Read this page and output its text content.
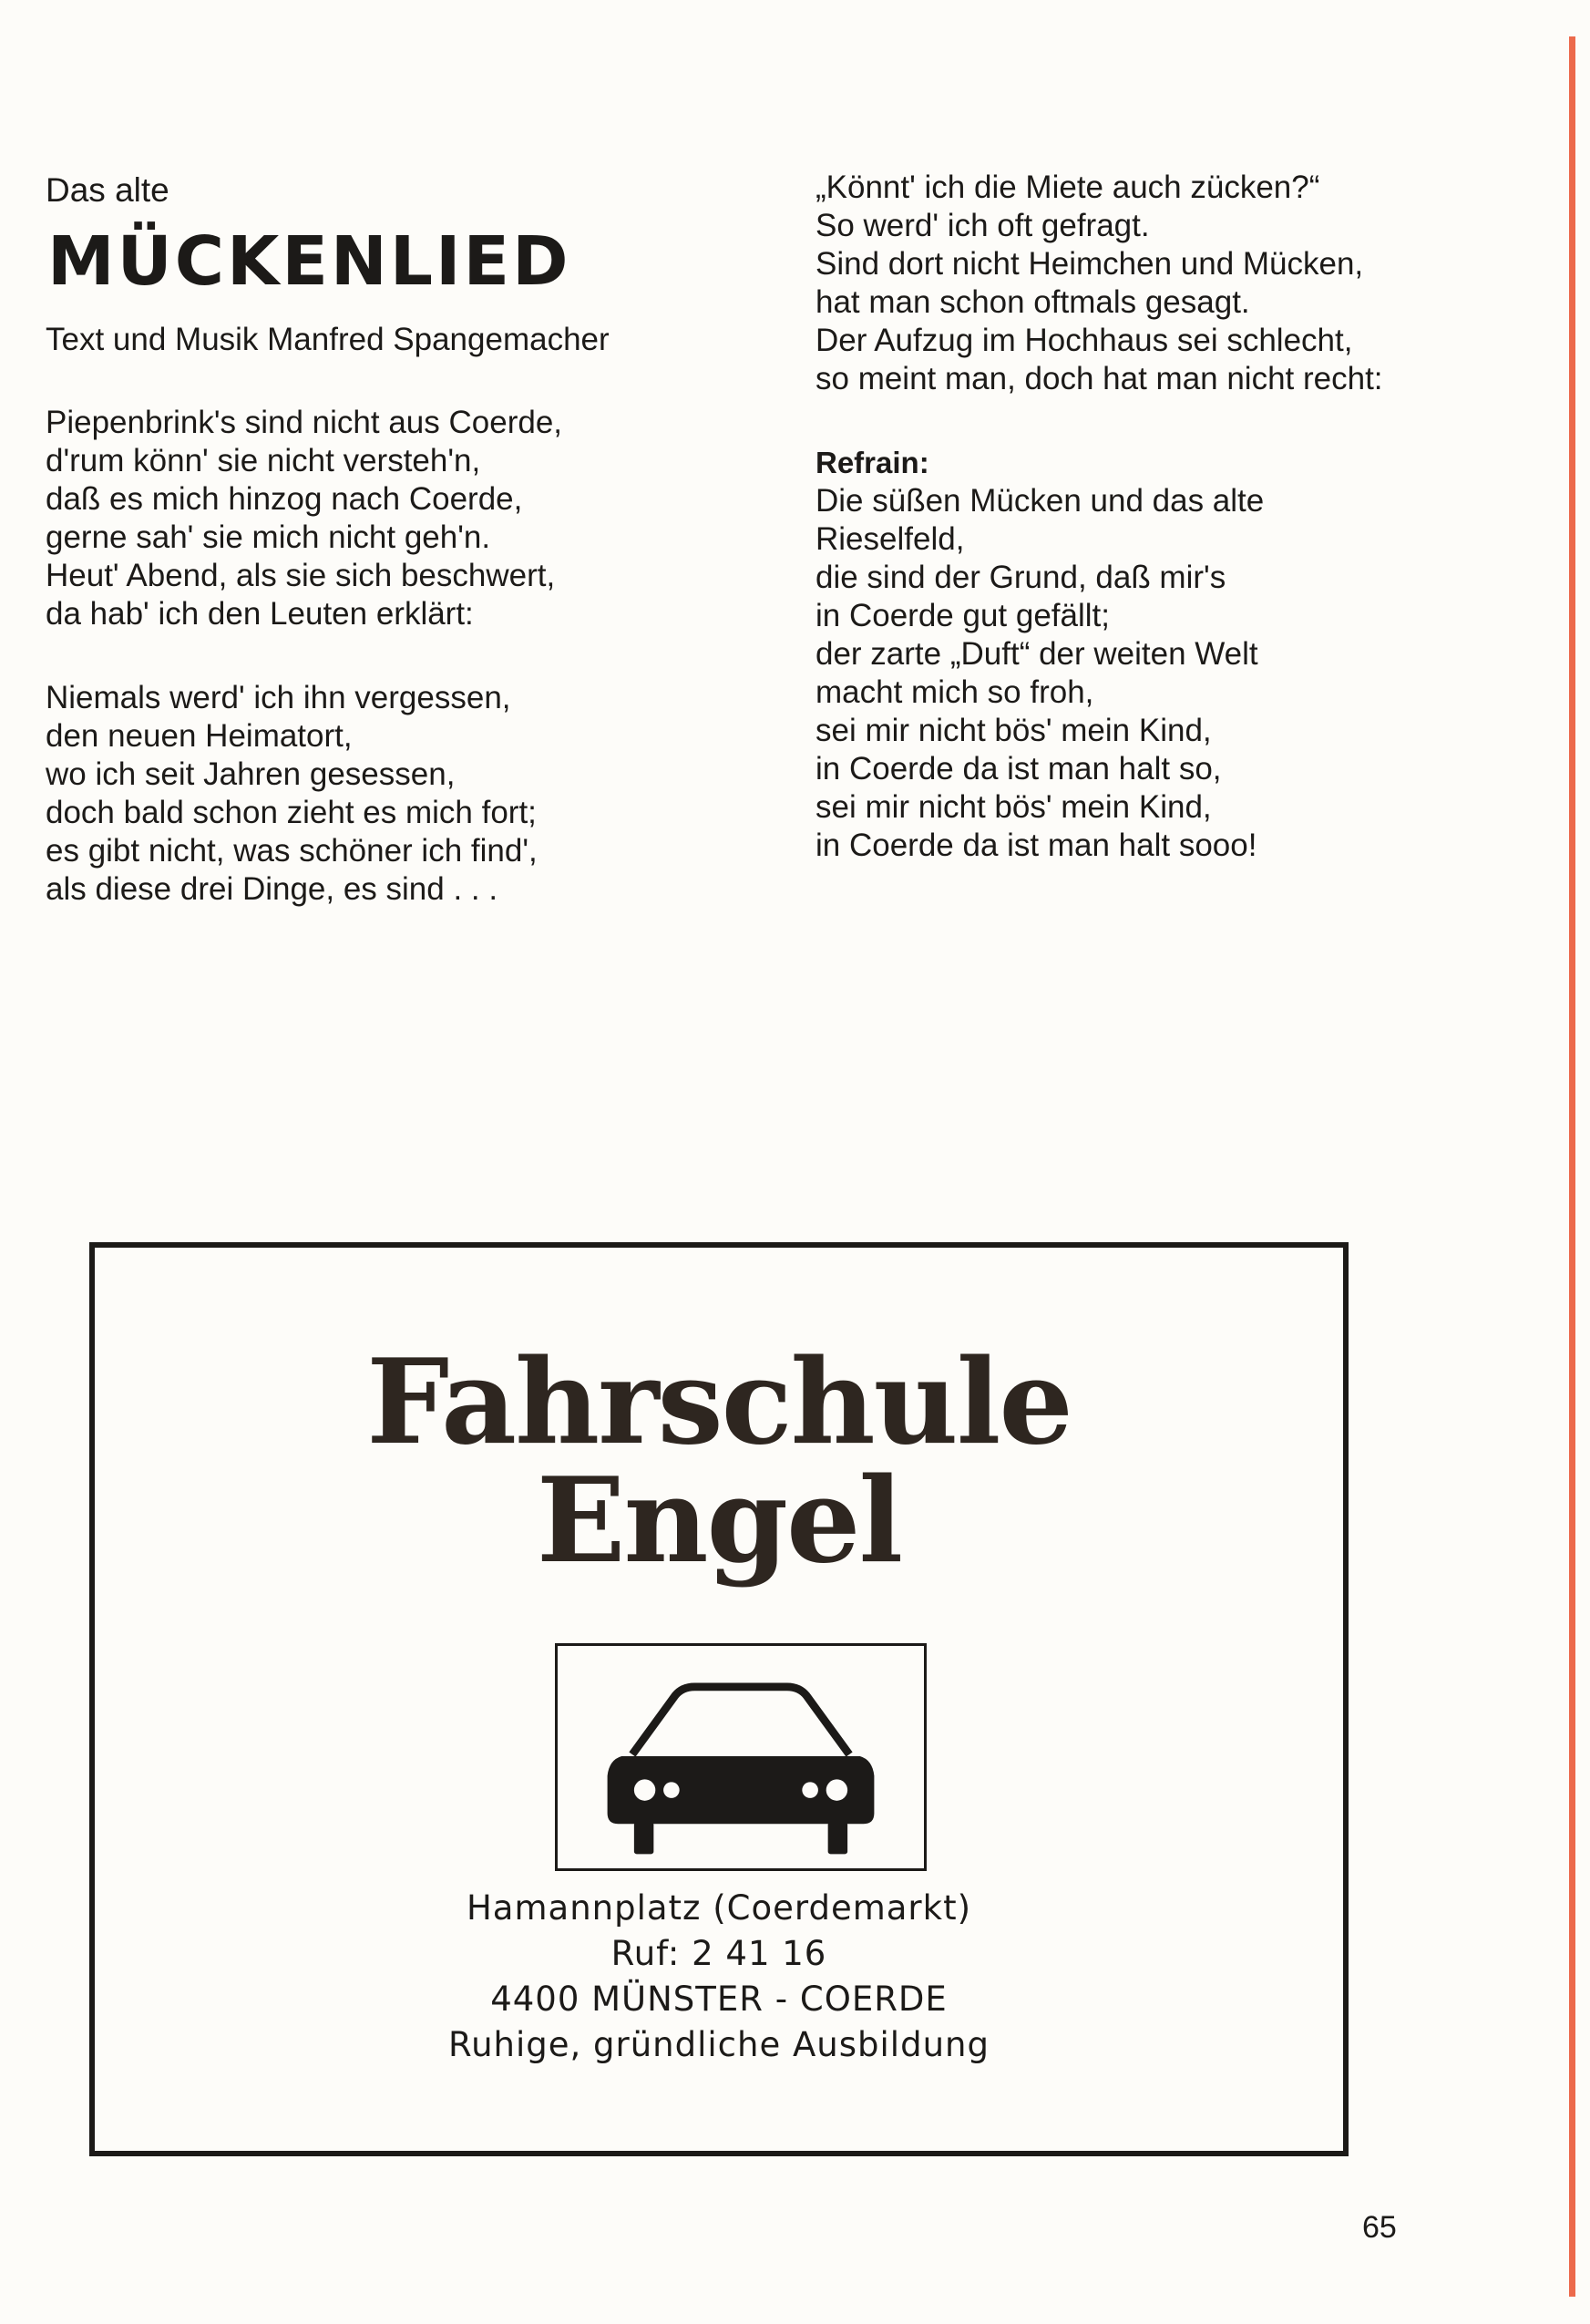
Das alte

MÜCKENLIED

Text und Musik Manfred Spangemacher

Piepenbrink's sind nicht aus Coerde,
d'rum könn' sie nicht versteh'n,
daß es mich hinzog nach Coerde,
gerne sah' sie mich nicht geh'n.
Heut' Abend, als sie sich beschwert,
da hab' ich den Leuten erklärt:
Niemals werd' ich ihn vergessen,
den neuen Heimatort,
wo ich seit Jahren gesessen,
doch bald schon zieht es mich fort;
es gibt nicht, was schöner ich find',
als diese drei Dinge, es sind . . .
„Könnt' ich die Miete auch zücken?“
So werd' ich oft gefragt.
Sind dort nicht Heimchen und Mücken,
hat man schon oftmals gesagt.
Der Aufzug im Hochhaus sei schlecht,
so meint man, doch hat man nicht recht:
Refrain:
Die süßen Mücken und das alte
Rieselfeld,
die sind der Grund, daß mir's
in Coerde gut gefällt;
der zarte „Duft“ der weiten Welt
macht mich so froh,
sei mir nicht bös' mein Kind,
in Coerde da ist man halt so,
sei mir nicht bös' mein Kind,
in Coerde da ist man halt sooo!
Fahrschule
Engel
Hamannplatz (Coerdemarkt)
Ruf: 2 41 16
4400 MÜNSTER - COERDE
Ruhige, gründliche Ausbildung
65
